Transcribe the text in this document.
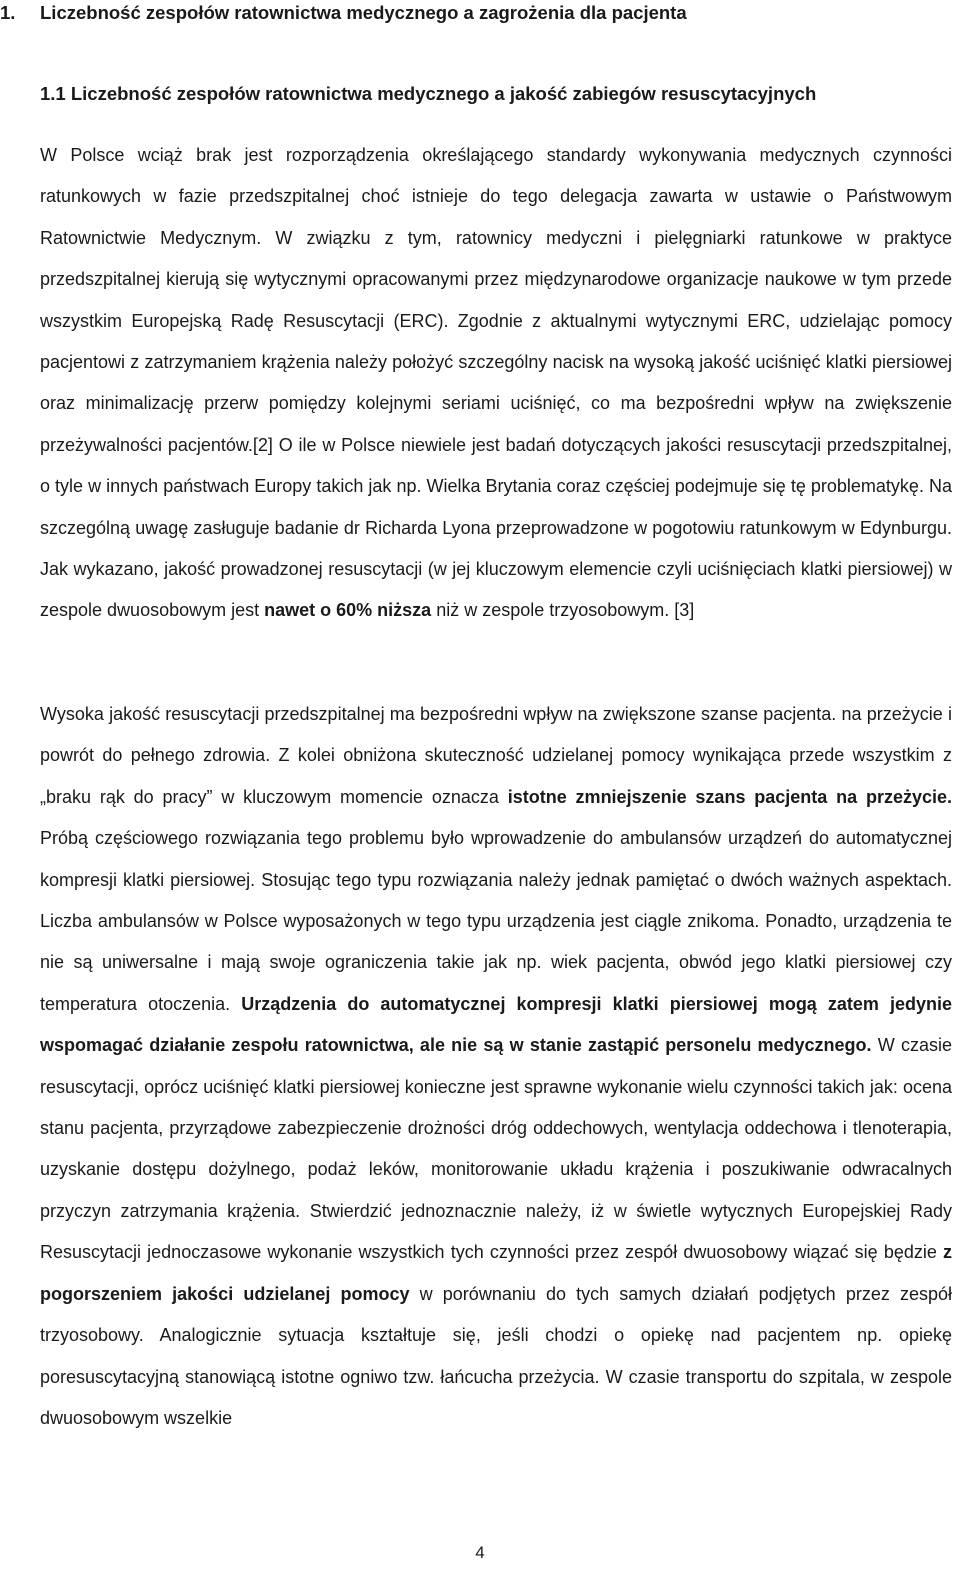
1. Liczebność zespołów ratownictwa medycznego a zagrożenia dla pacjenta
1.1 Liczebność zespołów ratownictwa medycznego a jakość zabiegów resuscytacyjnych

W Polsce wciąż brak jest rozporządzenia określającego standardy wykonywania medycznych czynności ratunkowych w fazie przedszpitalnej choć istnieje do tego delegacja zawarta w ustawie o Państwowym Ratownictwie Medycznym. W związku z tym, ratownicy medyczni i pielęgniarki ratunkowe w praktyce przedszpitalnej kierują się wytycznymi opracowanymi przez międzynarodowe organizacje naukowe w tym przede wszystkim Europejską Radę Resuscytacji (ERC). Zgodnie z aktualnymi wytycznymi ERC, udzielając pomocy pacjentowi z zatrzymaniem krążenia należy położyć szczególny nacisk na wysoką jakość uciśnięć klatki piersiowej oraz minimalizację przerw pomiędzy kolejnymi seriami uciśnięć, co ma bezpośredni wpływ na zwiększenie przeżywalności pacjentów.[2] O ile w Polsce niewiele jest badań dotyczących jakości resuscytacji przedszpitalnej, o tyle w innych państwach Europy takich jak np. Wielka Brytania coraz częściej podejmuje się tę problematykę. Na szczególną uwagę zasługuje badanie dr Richarda Lyona przeprowadzone w pogotowiu ratunkowym w Edynburgu. Jak wykazano, jakość prowadzonej resuscytacji (w jej kluczowym elemencie czyli uciśnięciach klatki piersiowej) w zespole dwuosobowym jest nawet o 60% niższa niż w zespole trzyosobowym. [3]

Wysoka jakość resuscytacji przedszpitalnej ma bezpośredni wpływ na zwiększone szanse pacjenta. na przeżycie i powrót do pełnego zdrowia. Z kolei obniżona skuteczność udzielanej pomocy wynikająca przede wszystkim z „braku rąk do pracy” w kluczowym momencie oznacza istotne zmniejszenie szans pacjenta na przeżycie. Próbą częściowego rozwiązania tego problemu było wprowadzenie do ambulansów urządzeń do automatycznej kompresji klatki piersiowej. Stosując tego typu rozwiązania należy jednak pamiętać o dwóch ważnych aspektach. Liczba ambulansów w Polsce wyposażonych w tego typu urządzenia jest ciągle znikoma. Ponadto, urządzenia te nie są uniwersalne i mają swoje ograniczenia takie jak np. wiek pacjenta, obwód jego klatki piersiowej czy temperatura otoczenia. Urządzenia do automatycznej kompresji klatki piersiowej mogą zatem jedynie wspomagać działanie zespołu ratownictwa, ale nie są w stanie zastąpić personelu medycznego. W czasie resuscytacji, oprócz uciśnięć klatki piersiowej konieczne jest sprawne wykonanie wielu czynności takich jak: ocena stanu pacjenta, przyrządowe zabezpieczenie drożności dróg oddechowych, wentylacja oddechowa i tlenoterapia, uzyskanie dostępu dożylnego, podaż leków, monitorowanie układu krążenia i poszukiwanie odwracalnych przyczyn zatrzymania krążenia. Stwierdzić jednoznacznie należy, iż w świetle wytycznych Europejskiej Rady Resuscytacji jednoczasowe wykonanie wszystkich tych czynności przez zespół dwuosobowy wiązać się będzie z pogorszeniem jakości udzielanej pomocy w porównaniu do tych samych działań podjętych przez zespół trzyosobowy. Analogicznie sytuacja kształtuje się, jeśli chodzi o opiekę nad pacjentem np. opiekę poresuscytacyjną stanowiącą istotne ogniwo tzw. łańcucha przeżycia. W czasie transportu do szpitala, w zespole dwuosobowym wszelkie

4
